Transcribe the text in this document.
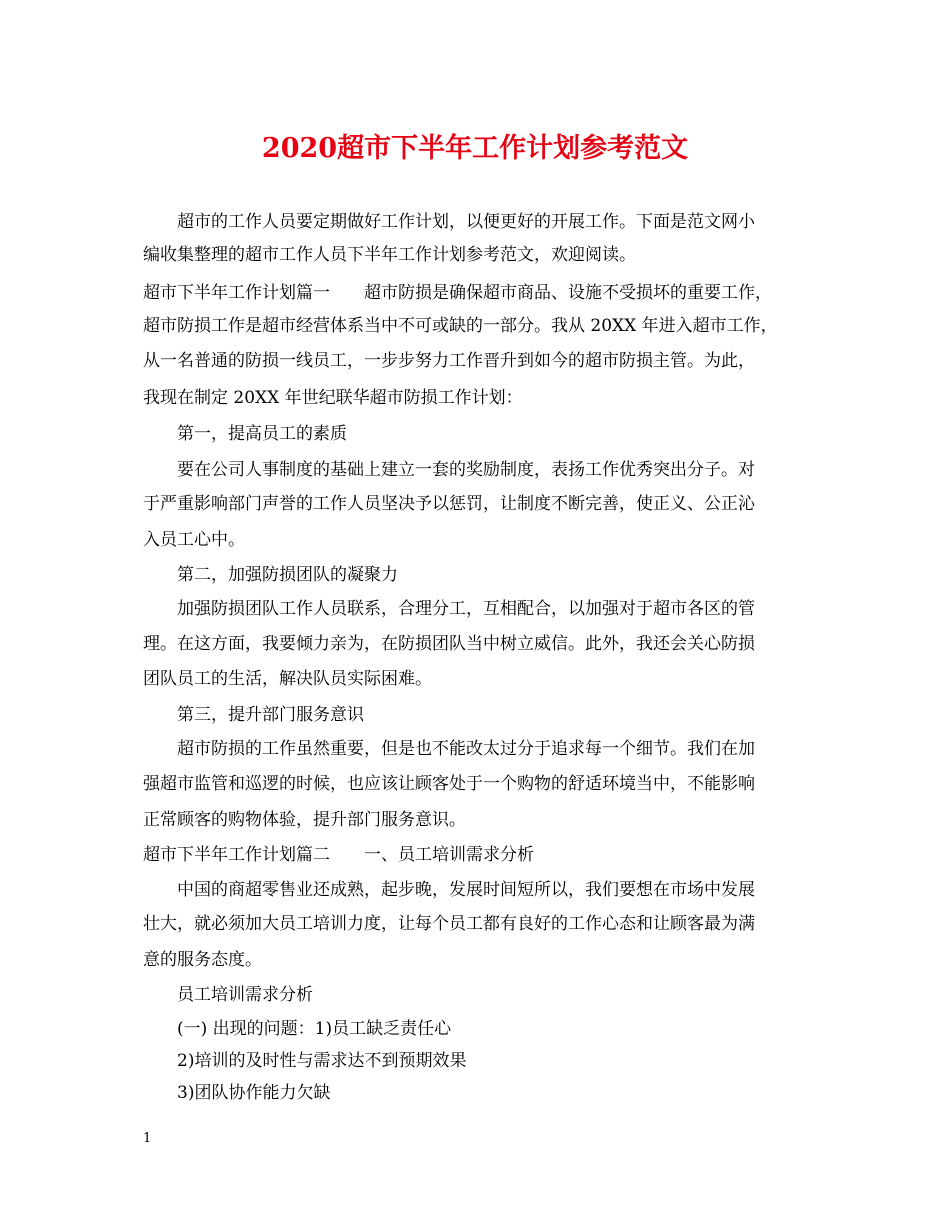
2020超市下半年工作计划参考范文
超市的工作人员要定期做好工作计划，以便更好的开展工作。下面是范文网小
编收集整理的超市工作人员下半年工作计划参考范文，欢迎阅读。
超市下半年工作计划篇一　　超市防损是确保超市商品、设施不受损坏的重要工作，
超市防损工作是超市经营体系当中不可或缺的一部分。我从 20XX 年进入超市工作，
从一名普通的防损一线员工，一步步努力工作晋升到如今的超市防损主管。为此，
我现在制定 20XX 年世纪联华超市防损工作计划：
第一，提高员工的素质
要在公司人事制度的基础上建立一套的奖励制度，表扬工作优秀突出分子。对
于严重影响部门声誉的工作人员坚决予以惩罚，让制度不断完善，使正义、公正沁
入员工心中。
第二，加强防损团队的凝聚力
加强防损团队工作人员联系，合理分工，互相配合，以加强对于超市各区的管
理。在这方面，我要倾力亲为，在防损团队当中树立威信。此外，我还会关心防损
团队员工的生活，解决队员实际困难。
第三，提升部门服务意识
超市防损的工作虽然重要，但是也不能改太过分于追求每一个细节。我们在加
强超市监管和巡逻的时候，也应该让顾客处于一个购物的舒适环境当中，不能影响
正常顾客的购物体验，提升部门服务意识。
超市下半年工作计划篇二　　一、员工培训需求分析
中国的商超零售业还成熟，起步晚，发展时间短所以，我们要想在市场中发展
壮大，就必须加大员工培训力度，让每个员工都有良好的工作心态和让顾客最为满
意的服务态度。
员工培训需求分析
(一) 出现的问题：1)员工缺乏责任心
2)培训的及时性与需求达不到预期效果
3)团队协作能力欠缺
1
